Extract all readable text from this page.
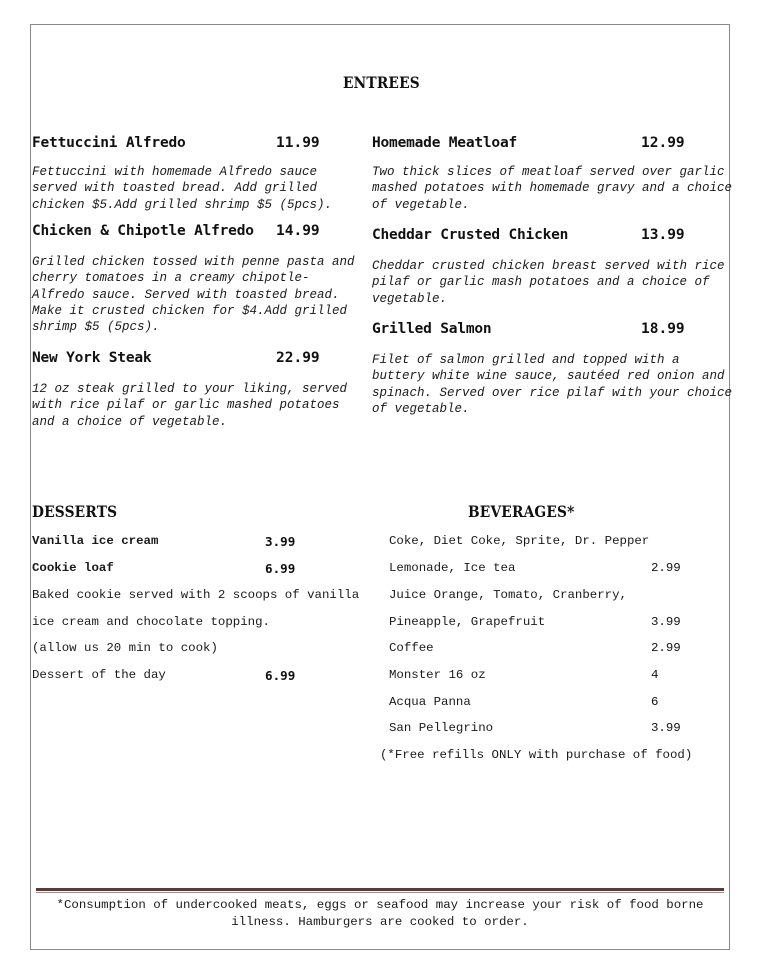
ENTREES
Fettuccini Alfredo	11.99
Fettuccini with homemade Alfredo sauce
served with toasted bread. Add grilled
chicken $5.Add grilled shrimp $5 (5pcs).
Chicken & Chipotle Alfredo 14.99
Grilled chicken tossed with penne pasta and
cherry tomatoes in a creamy chipotle-
Alfredo sauce. Served with toasted bread.
Make it crusted chicken for $4.Add grilled
shrimp $5 (5pcs).
New York Steak	22.99
12 oz steak grilled to your liking, served
with rice pilaf or garlic mashed potatoes
and a choice of vegetable.
Homemade Meatloaf	12.99
Two thick slices of meatloaf served over garlic
mashed potatoes with homemade gravy and a choice
of vegetable.
Cheddar Crusted Chicken	13.99
Cheddar crusted chicken breast served with rice
pilaf or garlic mash potatoes and a choice of
vegetable.
Grilled Salmon	18.99
Filet of salmon grilled and topped with a
buttery white wine sauce, sautéed red onion and
spinach. Served over rice pilaf with your choice
of vegetable.
DESSERTS
Vanilla ice cream	3.99
Cookie loaf	6.99
Baked cookie served with 2 scoops of vanilla
ice cream and chocolate topping.
(allow us 20 min to cook)
Dessert of the day	6.99
BEVERAGES*
Coke, Diet Coke, Sprite, Dr. Pepper
Lemonade, Ice tea	2.99
Juice Orange, Tomato, Cranberry,
Pineapple, Grapefruit	3.99
Coffee	2.99
Monster 16 oz	4
Acqua Panna	6
San Pellegrino	3.99
(*Free refills ONLY with purchase of food)
*Consumption of undercooked meats, eggs or seafood may increase your risk of food borne
illness. Hamburgers are cooked to order.
